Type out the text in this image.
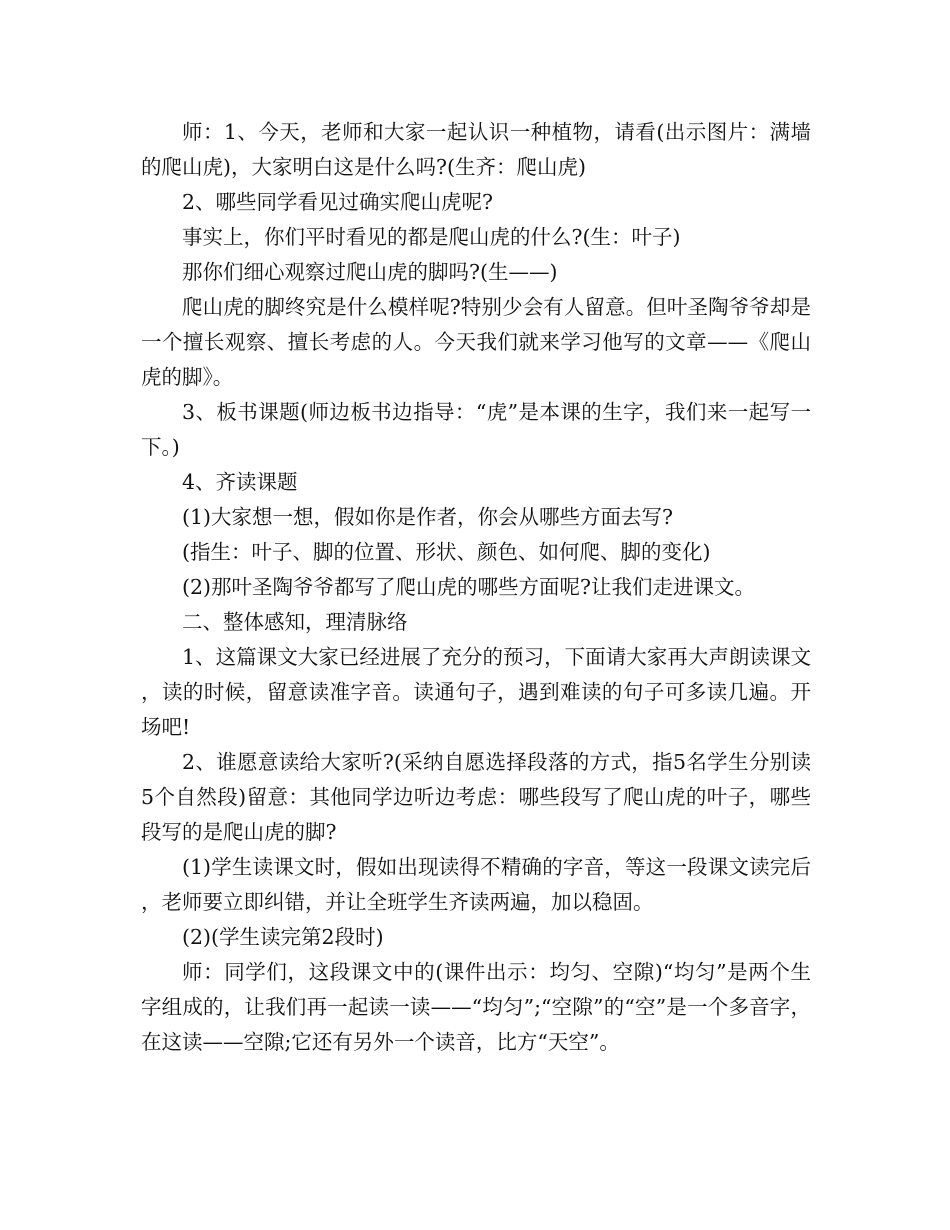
师：1、今天，老师和大家一起认识一种植物，请看(出示图片：满墙的爬山虎)，大家明白这是什么吗?(生齐：爬山虎)

2、哪些同学看见过确实爬山虎呢?

事实上，你们平时看见的都是爬山虎的什么?(生：叶子)

那你们细心观察过爬山虎的脚吗?(生——)

爬山虎的脚终究是什么模样呢?特别少会有人留意。但叶圣陶爷爷却是一个擅长观察、擅长考虑的人。今天我们就来学习他写的文章——《爬山虎的脚》。

3、板书课题(师边板书边指导：“虎”是本课的生字，我们来一起写一下。)

4、齐读课题

(1)大家想一想，假如你是作者，你会从哪些方面去写?

(指生：叶子、脚的位置、形状、颜色、如何爬、脚的变化)

(2)那叶圣陶爷爷都写了爬山虎的哪些方面呢?让我们走进课文。

二、整体感知，理清脉络

1、这篇课文大家已经进展了充分的预习，下面请大家再大声朗读课文，读的时候，留意读准字音。读通句子，遇到难读的句子可多读几遍。开场吧!

2、谁愿意读给大家听?(采纳自愿选择段落的方式，指5名学生分别读5个自然段)留意：其他同学边听边考虑：哪些段写了爬山虎的叶子，哪些段写的是爬山虎的脚?

(1)学生读课文时，假如出现读得不精确的字音，等这一段课文读完后，老师要立即纠错，并让全班学生齐读两遍，加以稳固。

(2)(学生读完第2段时)

师：同学们，这段课文中的(课件出示：均匀、空隙)“均匀”是两个生字组成的，让我们再一起读一读——“均匀”;“空隙”的“空”是一个多音字，在这读——空隙;它还有另外一个读音，比方“天空”。
